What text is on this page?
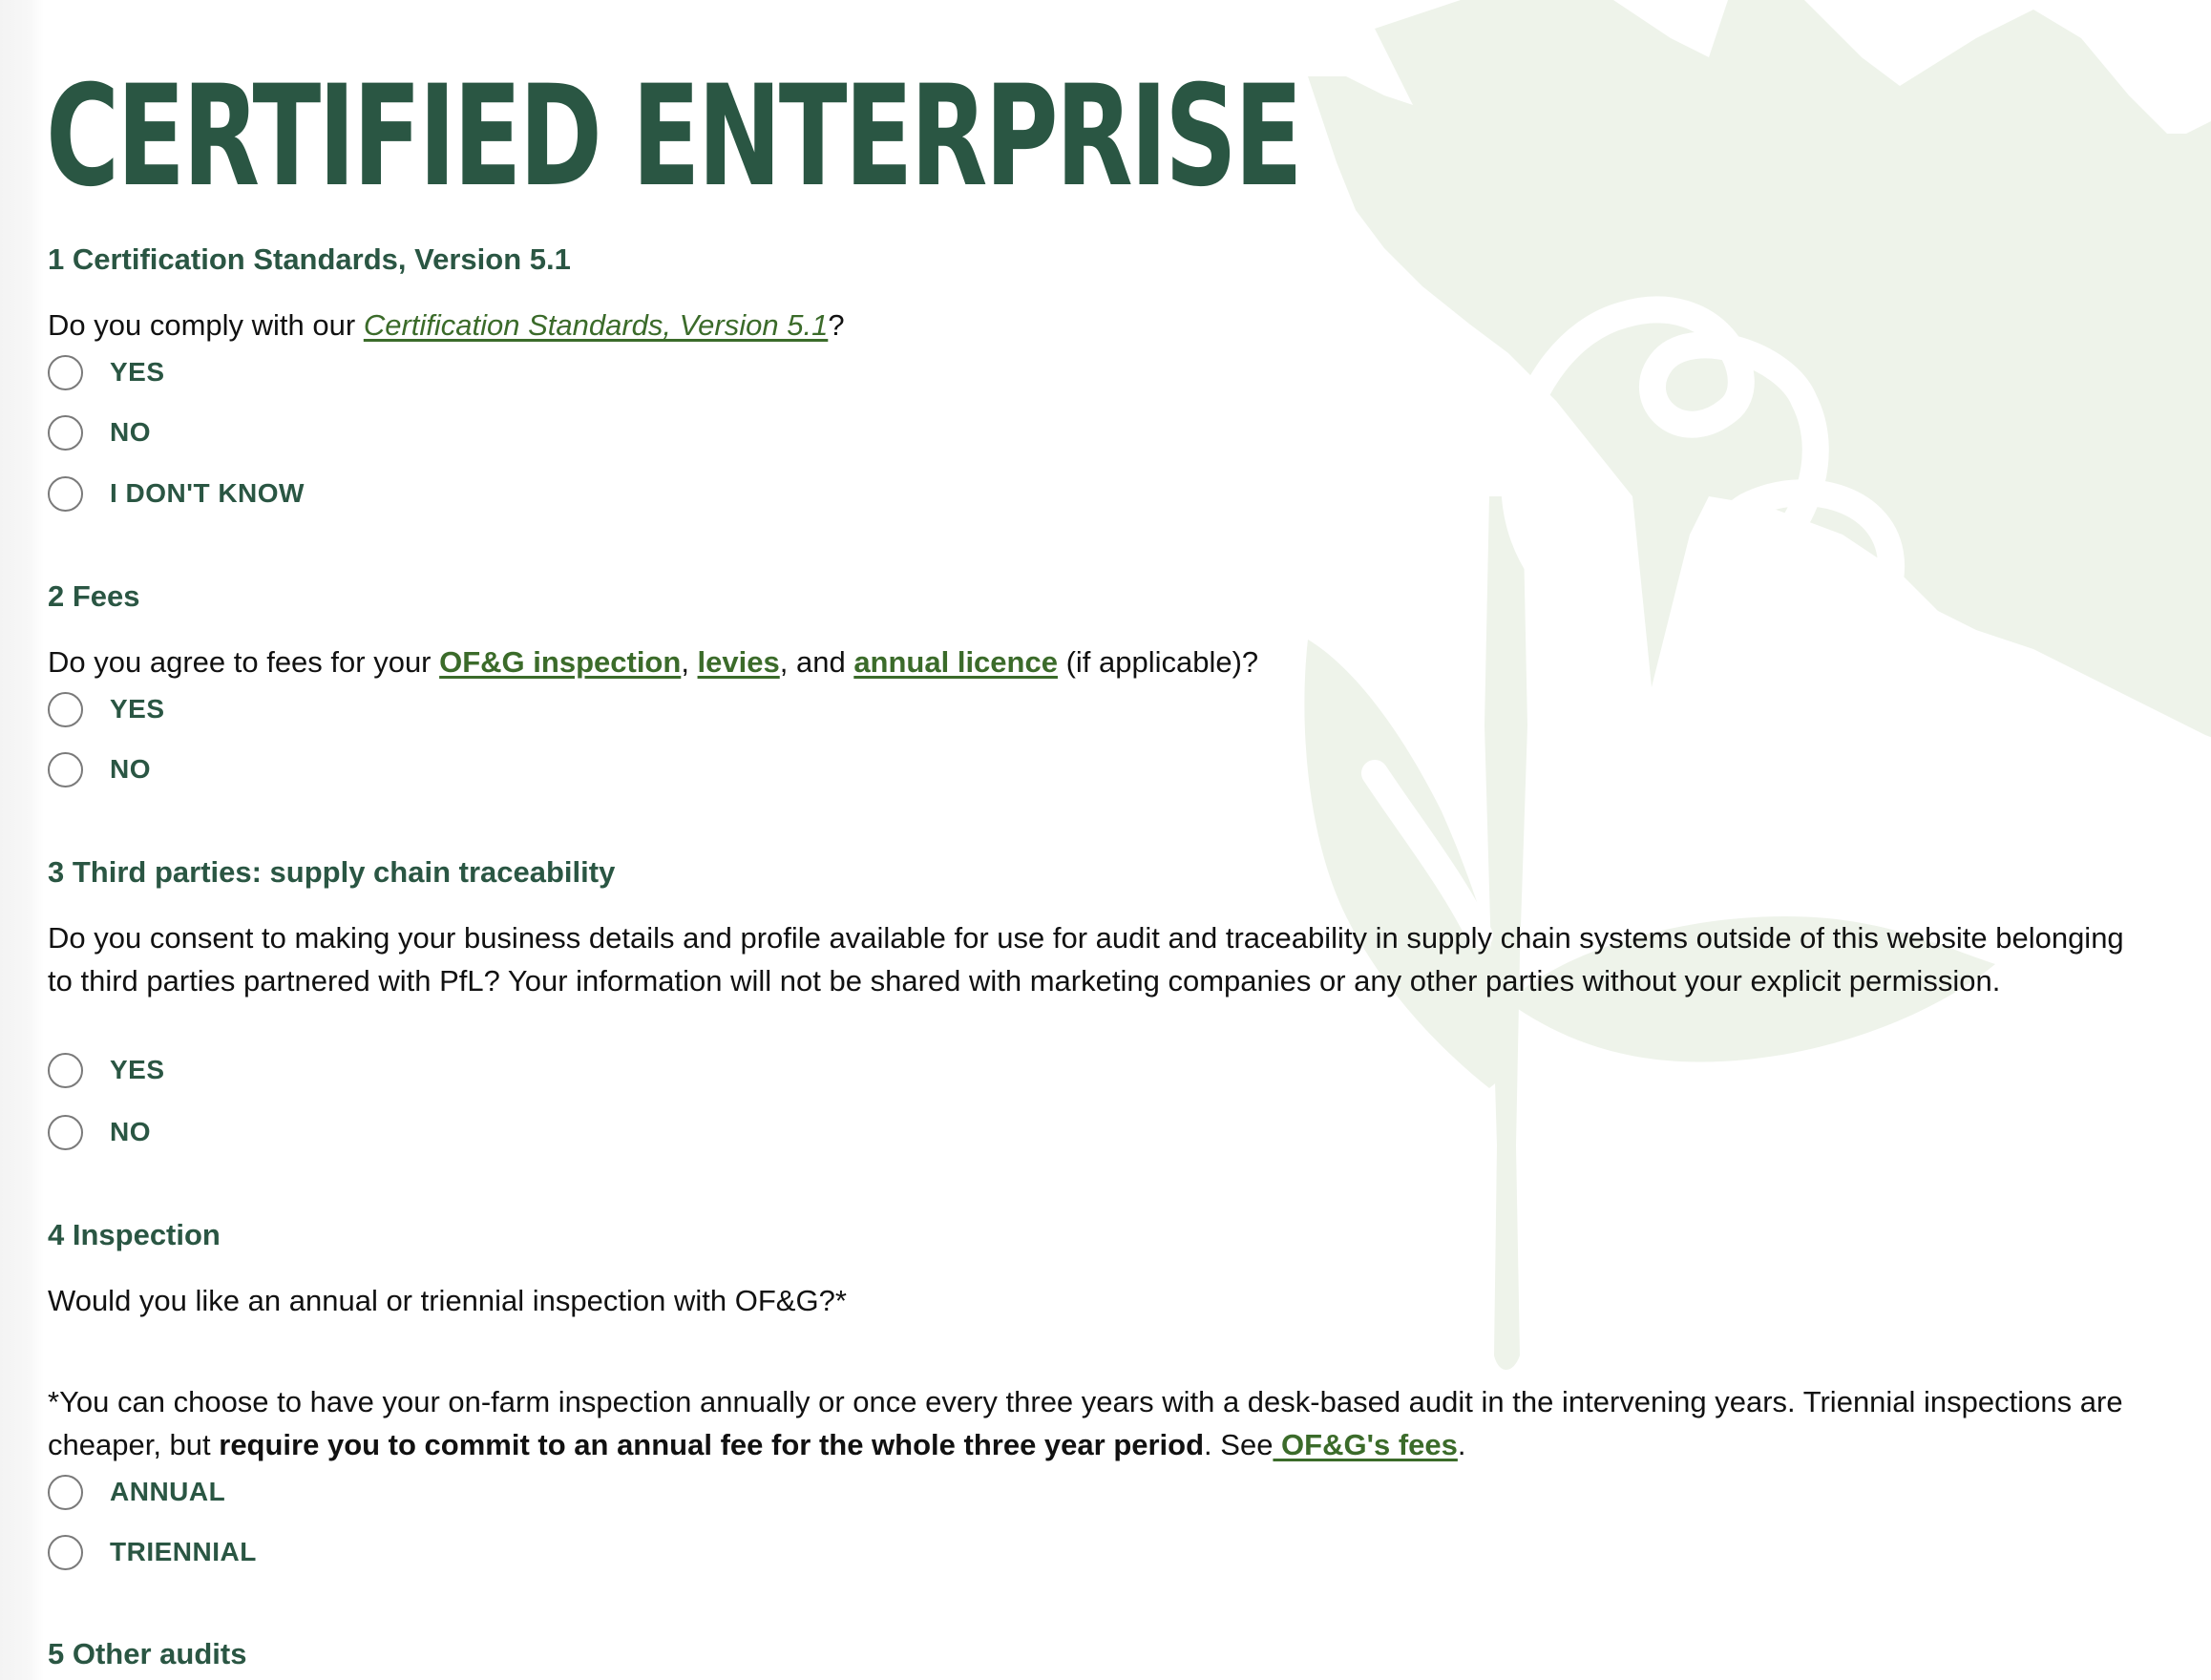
CERTIFIED ENTERPRISE
1 Certification Standards, Version 5.1

Do you comply with our Certification Standards, Version 5.1?

YES
NO
I DON'T KNOW
2 Fees

Do you agree to fees for your OF&G inspection, levies, and annual licence (if applicable)?

YES
NO
3 Third parties: supply chain traceability

Do you consent to making your business details and profile available for use for audit and traceability in supply chain systems outside of this website belonging to third parties partnered with PfL? Your information will not be shared with marketing companies or any other parties without your explicit permission.

YES
NO
4 Inspection

Would you like an annual or triennial inspection with OF&G?*

*You can choose to have your on-farm inspection annually or once every three years with a desk-based audit in the intervening years. Triennial inspections are cheaper, but require you to commit to an annual fee for the whole three year period. See OF&G's fees.

ANNUAL
TRIENNIAL
5 Other audits
